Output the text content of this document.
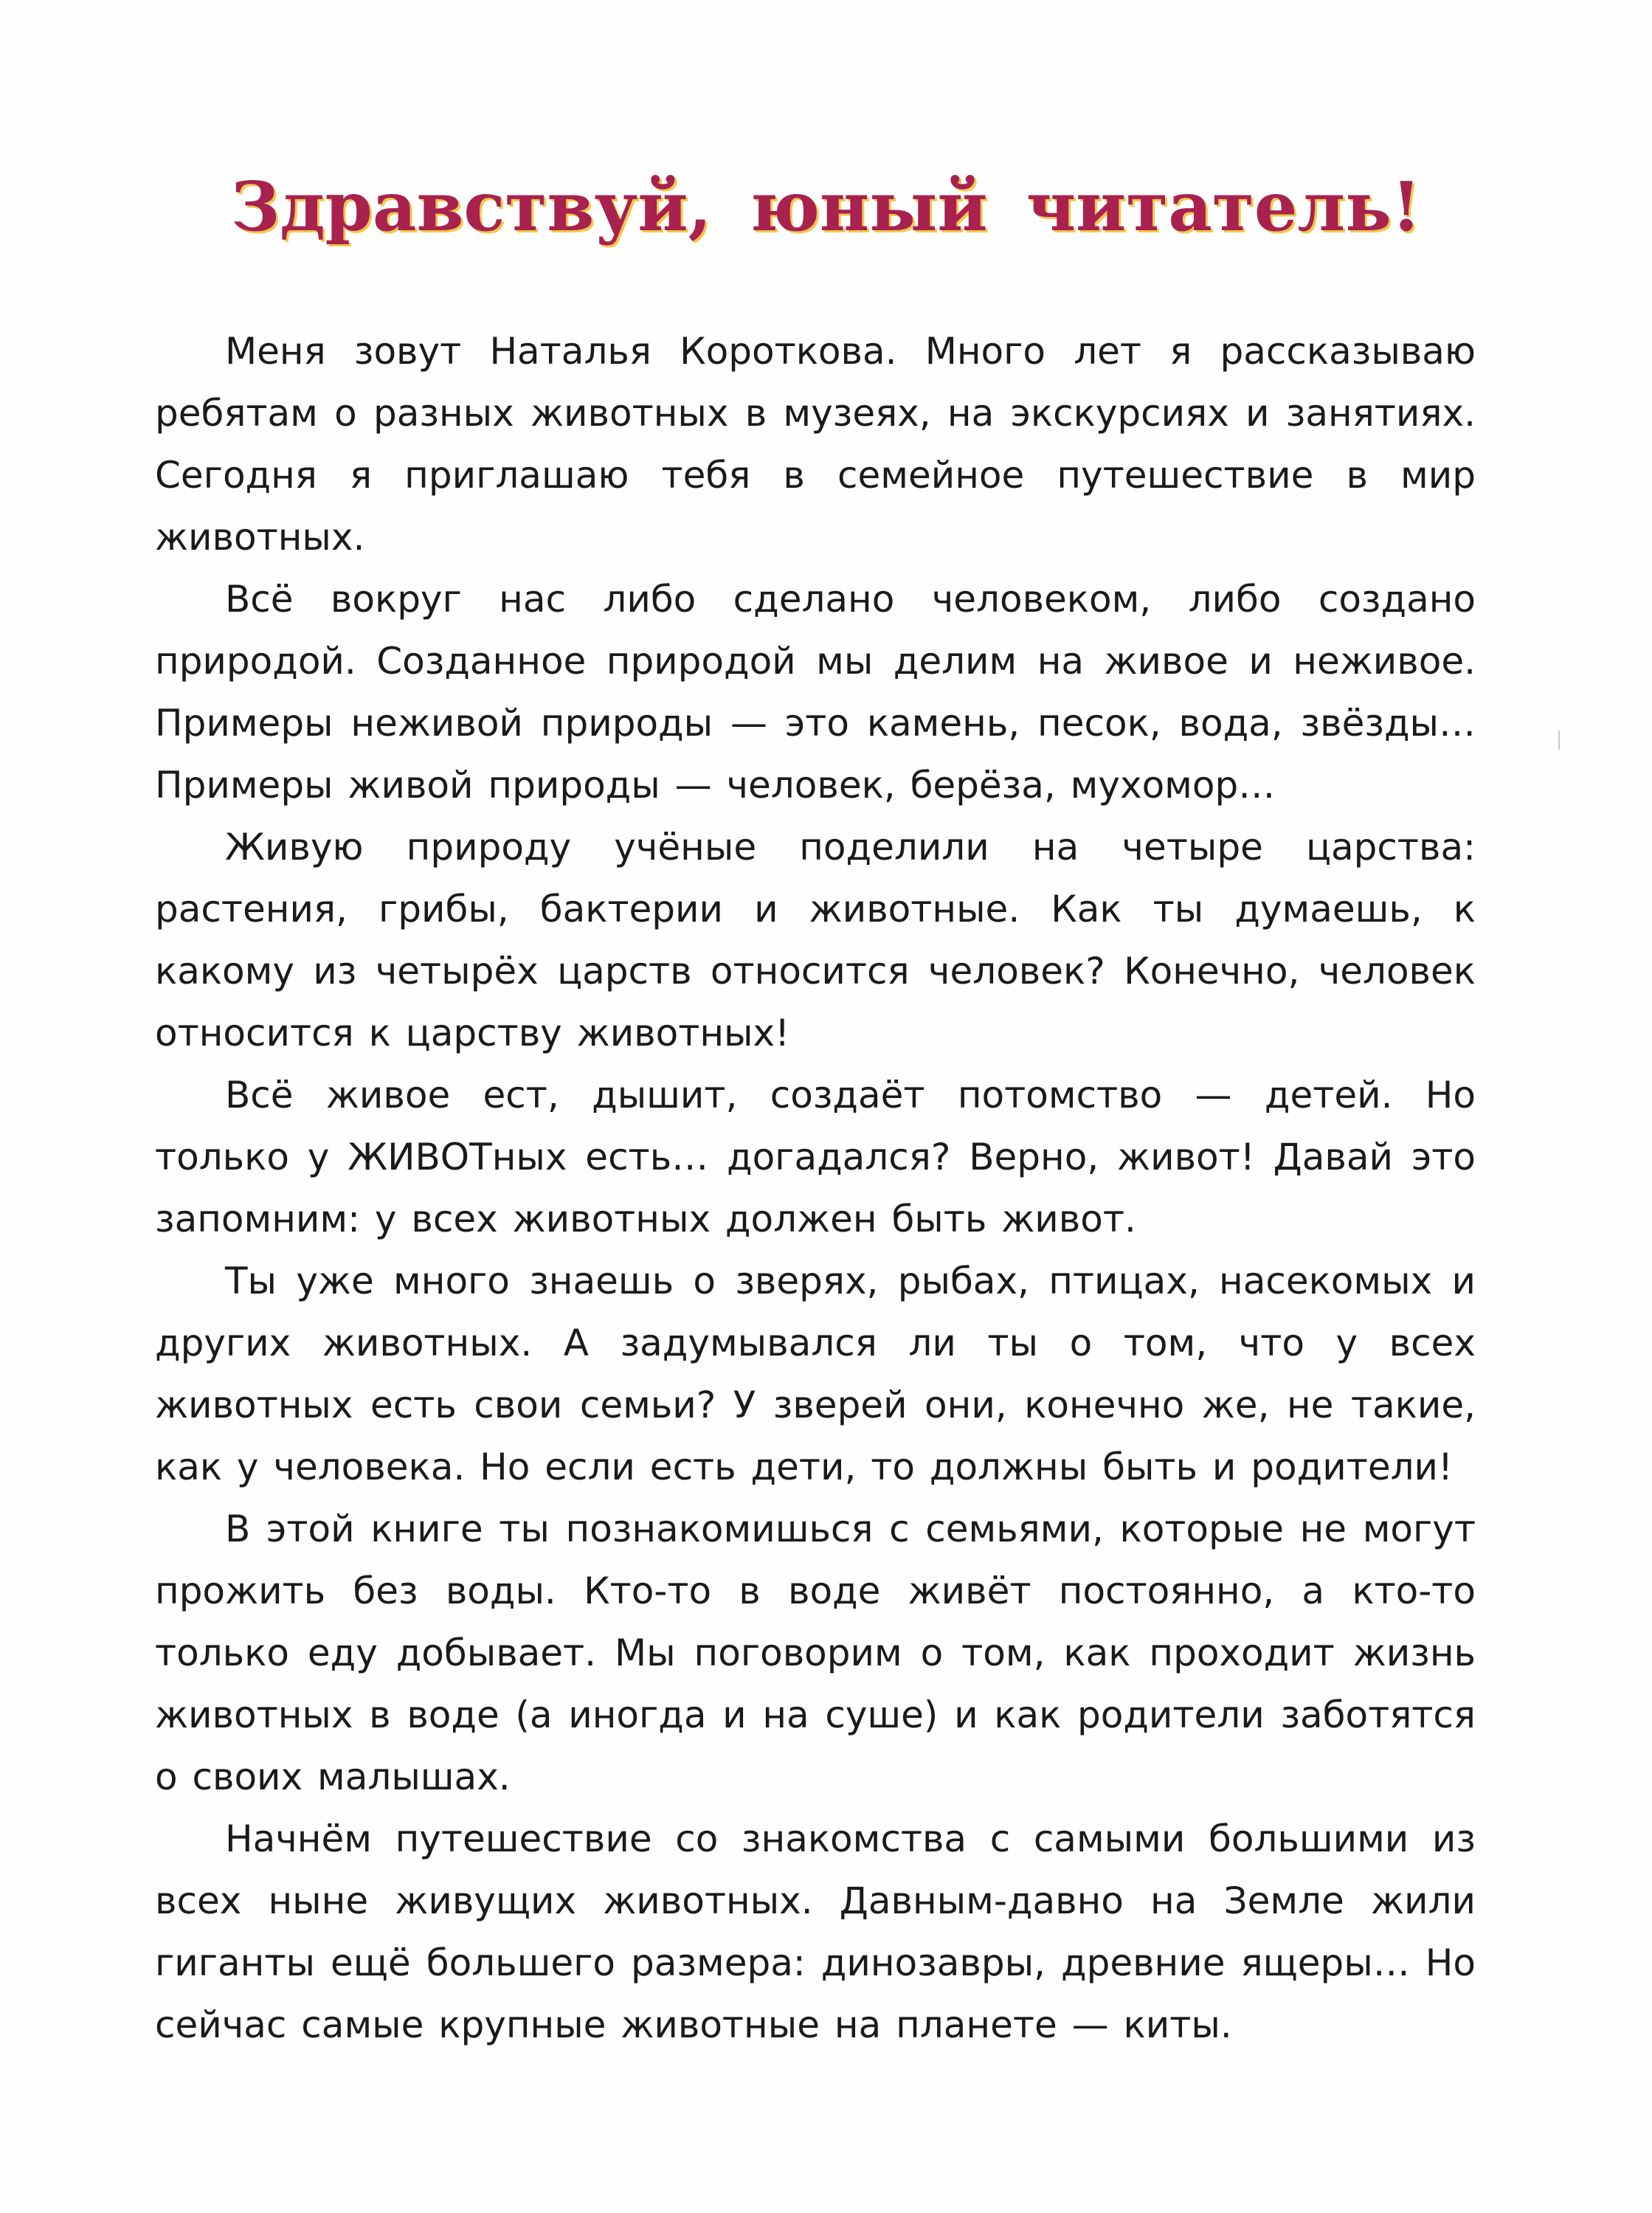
Здравствуй, юный читатель!

Меня зовут Наталья Короткова. Много лет я рассказываю ребятам о разных животных в музеях, на экскурсиях и занятиях. Сегодня я приглашаю тебя в семейное путешествие в мир животных.

Всё вокруг нас либо сделано человеком, либо создано природой. Созданное природой мы делим на живое и неживое. Примеры неживой природы — это камень, песок, вода, звёзды… Примеры живой природы — человек, берёза, мухомор…

Живую природу учёные поделили на четыре царства: растения, грибы, бактерии и животные. Как ты думаешь, к какому из четырёх царств относится человек? Конечно, человек относится к царству животных!

Всё живое ест, дышит, создаёт потомство — детей. Но только у ЖИВОТных есть… догадался? Верно, живот! Давай это запомним: у всех животных должен быть живот.

Ты уже много знаешь о зверях, рыбах, птицах, насекомых и других животных. А задумывался ли ты о том, что у всех животных есть свои семьи? У зверей они, конечно же, не такие, как у человека. Но если есть дети, то должны быть и родители!

В этой книге ты познакомишься с семьями, которые не могут прожить без воды. Кто-то в воде живёт постоянно, а кто-то только еду добывает. Мы поговорим о том, как проходит жизнь животных в воде (а иногда и на суше) и как родители заботятся о своих малышах.

Начнём путешествие со знакомства с самыми большими из всех ныне живущих животных. Давным-давно на Земле жили гиганты ещё большего размера: динозавры, древние ящеры… Но сейчас самые крупные животные на планете — киты.
